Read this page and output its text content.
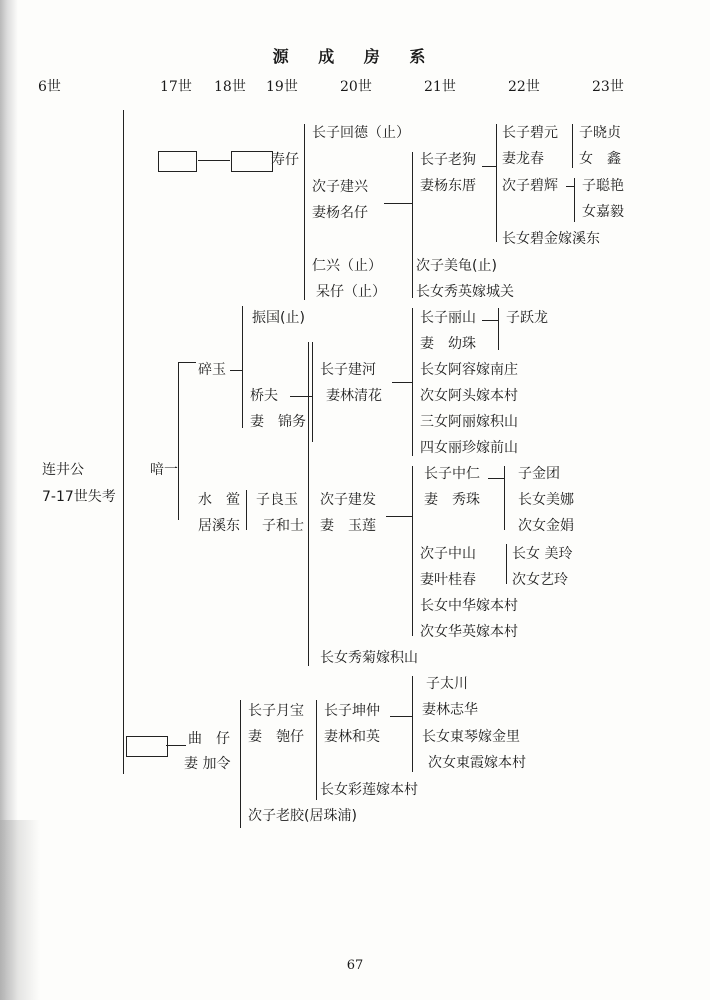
源 成 房 系
6世	17世 18世 19世	20世	21世	22世	23世
连井公
7-17世失考
喑一
寿仔
长子回德（止）
次子建兴
妻杨名仔
仁兴（止）
呆仔（止）
长子老狗
妻杨东厝
次子美龟(止)
长女秀英嫁城关
长子碧元
妻龙春
次子碧辉
长女碧金嫁溪东
子晓贞
女　鑫
子聪艳
女嘉毅
碎玉
振国(止)
桥夫
妻　锦务
长子建河
妻林清花
长子丽山
妻　幼珠
长女阿容嫁南庄
次女阿头嫁本村
三女阿丽嫁积山
四女丽珍嫁前山
子跃龙
水　鲎
居溪东
子良玉
子和士
次子建发
妻　玉莲
长女秀菊嫁积山
长子中仁
妻　秀珠
次子中山
妻叶桂春
长女中华嫁本村
次女华英嫁本村
子金团
长女美娜
次女金娟
长女 美玲
次女艺玲
曲　仔
妻 加令
长子月宝
妻　匏仔
次子老胶(居珠浦)
长子坤仲
妻林和英
长女彩莲嫁本村
子太川
妻林志华
长女東琴嫁金里
次女東霞嫁本村
67
